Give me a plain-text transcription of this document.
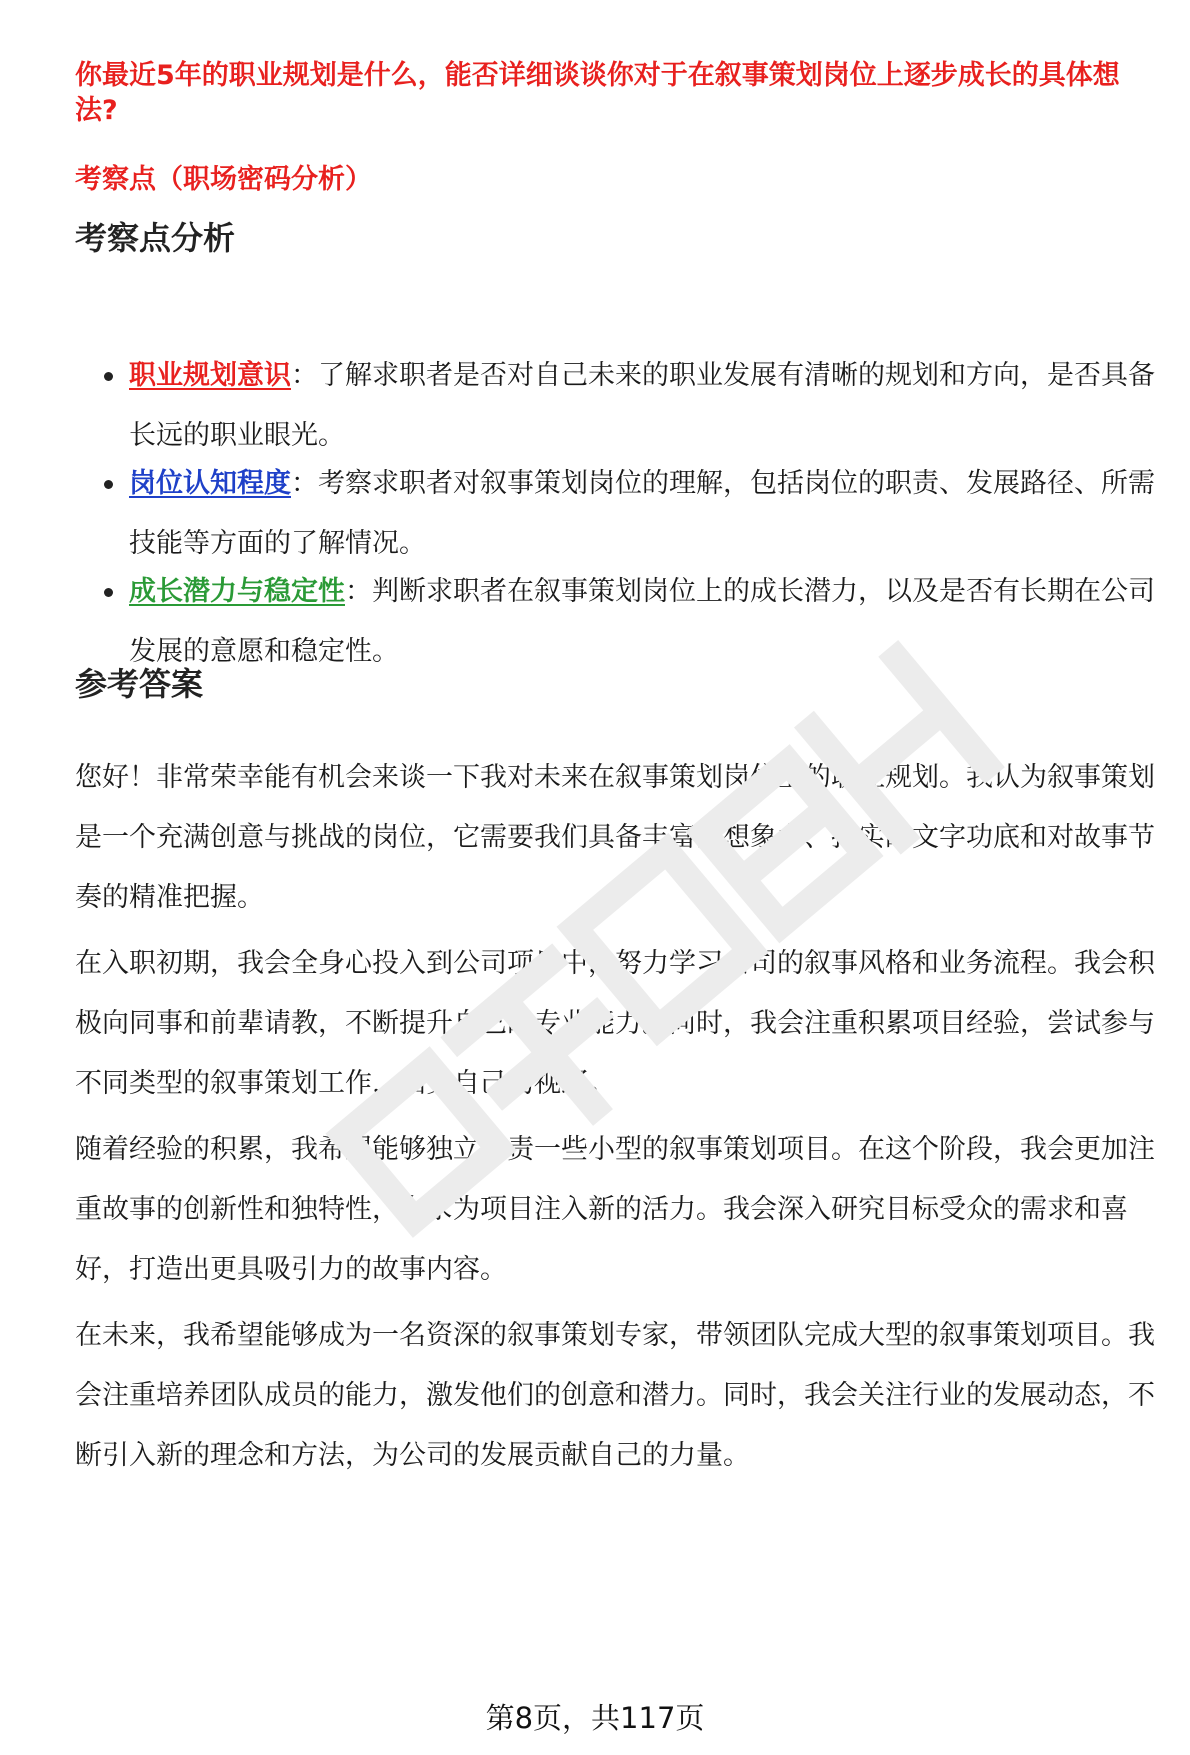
你最近5年的职业规划是什么，能否详细谈谈你对于在叙事策划岗位上逐步成长的具体想法?
考察点（职场密码分析）
考察点分析
职业规划意识：了解求职者是否对自己未来的职业发展有清晰的规划和方向，是否具备长远的职业眼光。
岗位认知程度：考察求职者对叙事策划岗位的理解，包括岗位的职责、发展路径、所需技能等方面的了解情况。
成长潜力与稳定性：判断求职者在叙事策划岗位上的成长潜力，以及是否有长期在公司发展的意愿和稳定性。
参考答案

您好！非常荣幸能有机会来谈一下我对未来在叙事策划岗位上的职业规划。我认为叙事策划是一个充满创意与挑战的岗位，它需要我们具备丰富的想象力、扎实的文字功底和对故事节奏的精准把握。

在入职初期，我会全身心投入到公司项目中，努力学习公司的叙事风格和业务流程。我会积极向同事和前辈请教，不断提升自己的专业能力。同时，我会注重积累项目经验，尝试参与不同类型的叙事策划工作，拓宽自己的视野。

随着经验的积累，我希望能够独立负责一些小型的叙事策划项目。在这个阶段，我会更加注重故事的创新性和独特性，力求为项目注入新的活力。我会深入研究目标受众的需求和喜好，打造出更具吸引力的故事内容。

在未来，我希望能够成为一名资深的叙事策划专家，带领团队完成大型的叙事策划项目。我会注重培养团队成员的能力，激发他们的创意和潜力。同时，我会关注行业的发展动态，不断引入新的理念和方法，为公司的发展贡献自己的力量。

第8页，共117页
